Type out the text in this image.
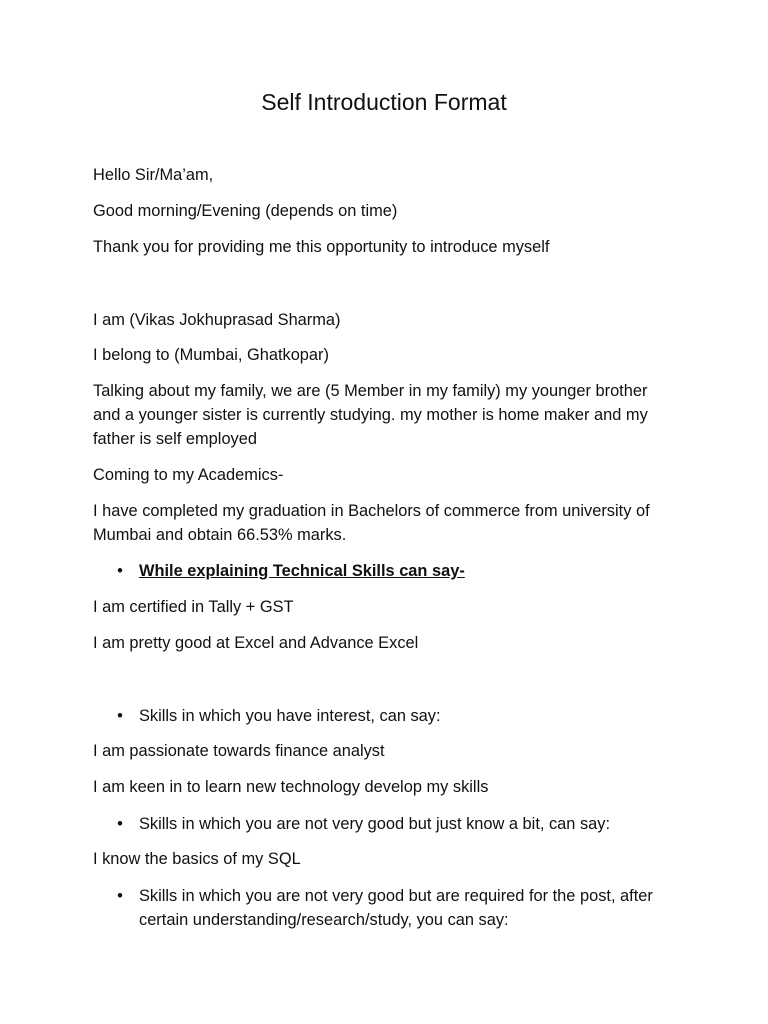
Self Introduction Format

Hello Sir/Ma’am,

Good morning/Evening (depends on time)

Thank you for providing me this opportunity to introduce myself

I am (Vikas Jokhuprasad Sharma)

I belong to (Mumbai, Ghatkopar)

Talking about my family, we are (5 Member in my family) my younger brother and a younger sister is currently studying. my mother is home maker and my father is self employed

Coming to my Academics-

I have completed my graduation in Bachelors of commerce from university of Mumbai and obtain 66.53% marks.

• While explaining Technical Skills can say-

I am certified in Tally + GST

I am pretty good at Excel and Advance Excel

• Skills in which you have interest, can say:

I am passionate towards finance analyst

I am keen in to learn new technology develop my skills

• Skills in which you are not very good but just know a bit, can say:

I know the basics of my SQL

• Skills in which you are not very good but are required for the post, after certain understanding/research/study, you can say:
